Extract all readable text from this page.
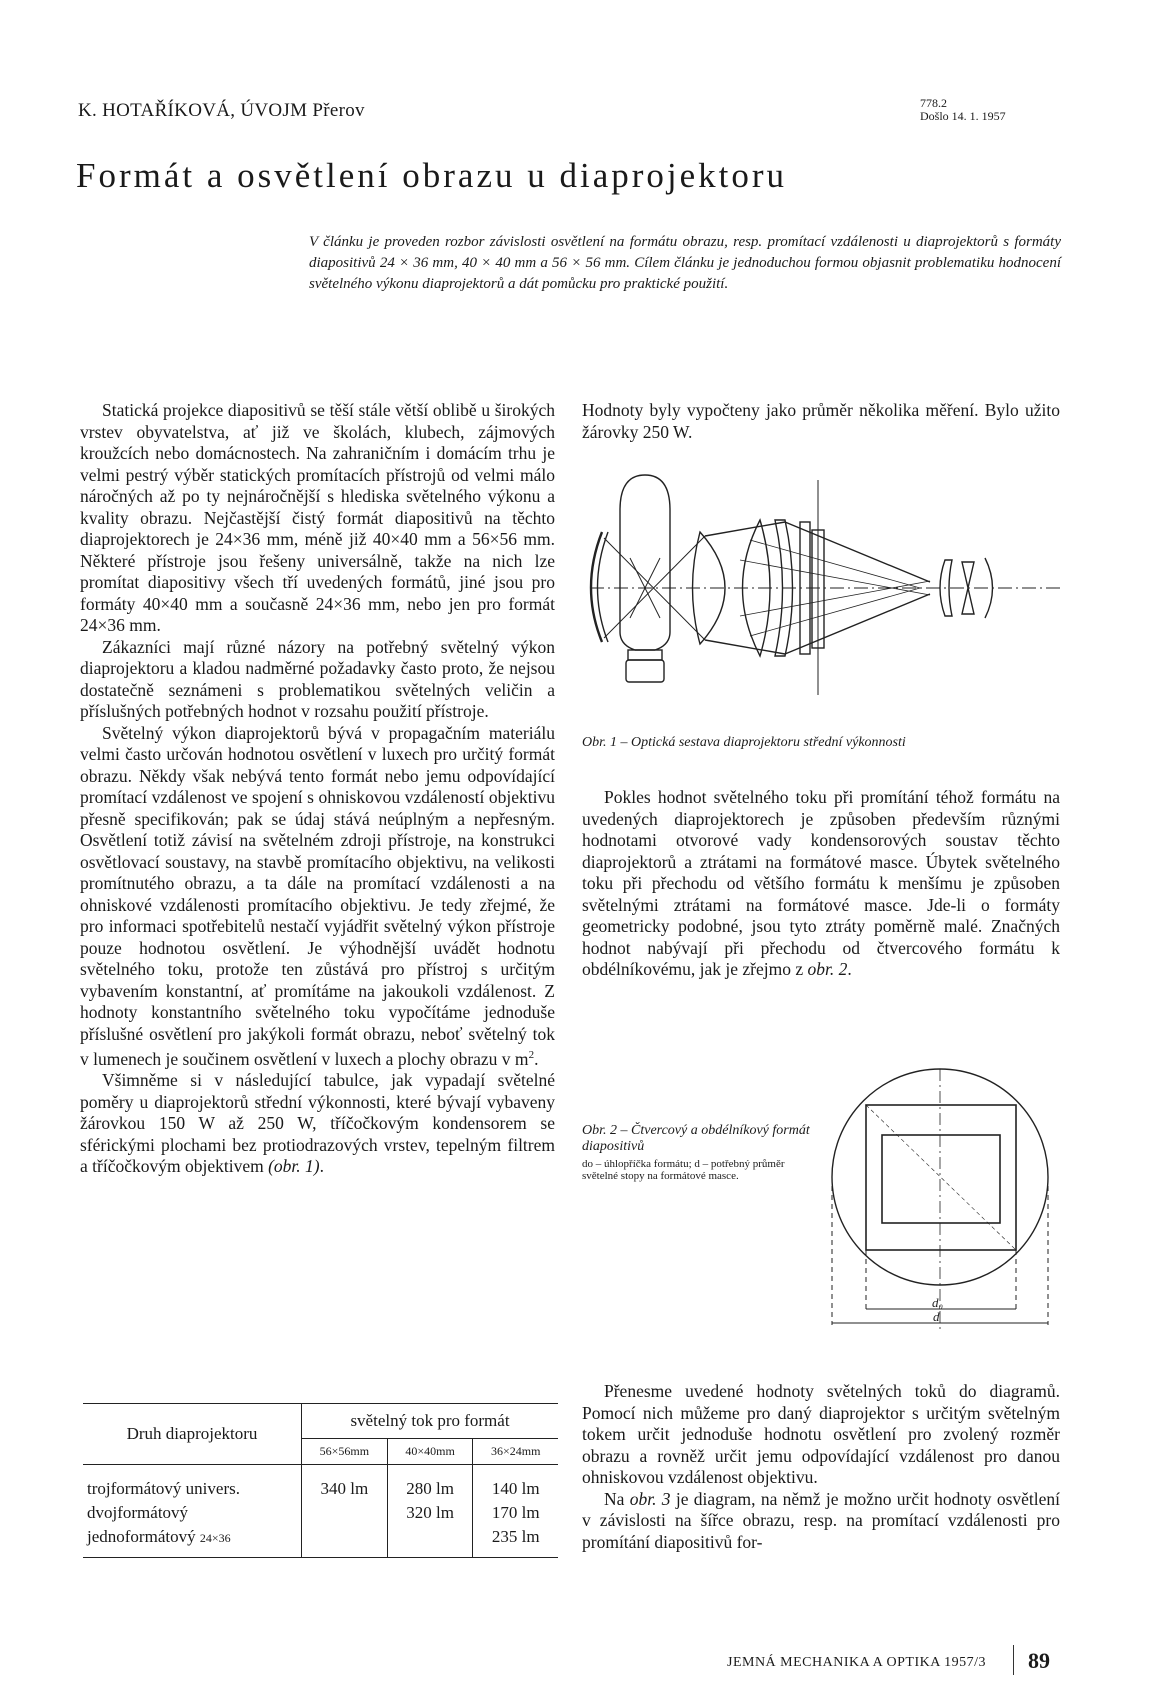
K. HOTAŘÍKOVÁ, ÚVOJM Přerov	778.2
Došlo 14. 1. 1957
Formát a osvětlení obrazu u diaprojektoru
V článku je proveden rozbor závislosti osvětlení na formátu obrazu, resp. promítací vzdálenosti u diaprojektorů s formáty diapositivů 24 × 36 mm, 40 × 40 mm a 56 × 56 mm. Cílem článku je jednoduchou formou objasnit problematiku hodnocení světelného výkonu diaprojektorů a dát pomůcku pro praktické použití.

Statická projekce diapositivů se těší stále větší oblibě u širokých vrstev obyvatelstva, ať již ve školách, klubech, zájmových kroužcích nebo domácnostech. Na zahraničním i domácím trhu je velmi pestrý výběr statických promítacích přístrojů od velmi málo náročných až po ty nejnáročnější s hlediska světelného výkonu a kvality obrazu. Nejčastější čistý formát diapositivů na těchto diaprojektorech je 24×36 mm, méně již 40×40 mm a 56×56 mm. Některé přístroje jsou řešeny universálně, takže na nich lze promítat diapositivy všech tří uvedených formátů, jiné jsou pro formáty 40×40 mm a současně 24×36 mm, nebo jen pro formát 24×36 mm.

Zákazníci mají různé názory na potřebný světelný výkon diaprojektoru a kladou nadměrné požadavky často proto, že nejsou dostatečně seznámeni s problematikou světelných veličin a příslušných potřebných hodnot v rozsahu použití přístroje.

Světelný výkon diaprojektorů bývá v propagačním materiálu velmi často určován hodnotou osvětlení v luxech pro určitý formát obrazu. Někdy však nebývá tento formát nebo jemu odpovídající promítací vzdálenost ve spojení s ohniskovou vzdáleností objektivu přesně specifikován; pak se údaj stává neúplným a nepřesným. Osvětlení totiž závisí na světelném zdroji přístroje, na konstrukci osvětlovací soustavy, na stavbě promítacího objektivu, na velikosti promítnutého obrazu, a ta dále na promítací vzdálenosti a na ohniskové vzdálenosti promítacího objektivu. Je tedy zřejmé, že pro informaci spotřebitelů nestačí vyjádřit světelný výkon přístroje pouze hodnotou osvětlení. Je výhodnější uvádět hodnotu světelného toku, protože ten zůstává pro přístroj s určitým vybavením konstantní, ať promítáme na jakoukoli vzdálenost. Z hodnoty konstantního světelného toku vypočítáme jednoduše příslušné osvětlení pro jakýkoli formát obrazu, neboť světelný tok v lumenech je součinem osvětlení v luxech a plochy obrazu v $m^2$.

Všimněme si v následující tabulce, jak vypadají světelné poměry u diaprojektorů střední výkonnosti, které bývají vybaveny žárovkou 150 W až 250 W, tříčočkovým kondensorem se sférickými plochami bez protiodrazových vrstev, tepelným filtrem a tříčočkovým objektivem (obr. 1).

Druh diaprojektoru	světelný tok pro formát		
	56×56mm	40×40mm	36×24mm
trojformátový univers.	340 lm	280 lm	140 lm
dvojformátový		320 lm	170 lm
jednoformátový 24×36			235 lm

Hodnoty byly vypočteny jako průměr několika měření. Bylo užito žárovky 250 W.

Obr. 1 – Optická sestava diaprojektoru střední výkonnosti

Pokles hodnot světelného toku při promítání téhož formátu na uvedených diaprojektorech je způsoben především různými hodnotami otvorové vady kondensorových soustav těchto diaprojektorů a ztrátami na formátové masce. Úbytek světelného toku při přechodu od většího formátu k menšímu je způsoben světelnými ztrátami na formátové masce. Jde-li o formáty geometricky podobné, jsou tyto ztráty poměrně malé. Značných hodnot nabývají při přechodu od čtvercového formátu k obdélníkovému, jak je zřejmo z obr. 2.

Obr. 2 – Čtvercový a obdélníkový formát diapositivů
do – úhlopříčka formátu; d – potřebný průměr světelné stopy na formátové masce.
d₀
d

Přenesme uvedené hodnoty světelných toků do diagramů. Pomocí nich můžeme pro daný diaprojektor s určitým světelným tokem určit jednoduše hodnotu osvětlení pro zvolený rozměr obrazu a rovněž určit jemu odpovídající vzdálenost pro danou ohniskovou vzdálenost objektivu.

Na obr. 3 je diagram, na němž je možno určit hodnoty osvětlení v závislosti na šířce obrazu, resp. na promítací vzdálenosti pro promítání diapositivů for-

JEMNÁ MECHANIKA A OPTIKA 1957/3 89
